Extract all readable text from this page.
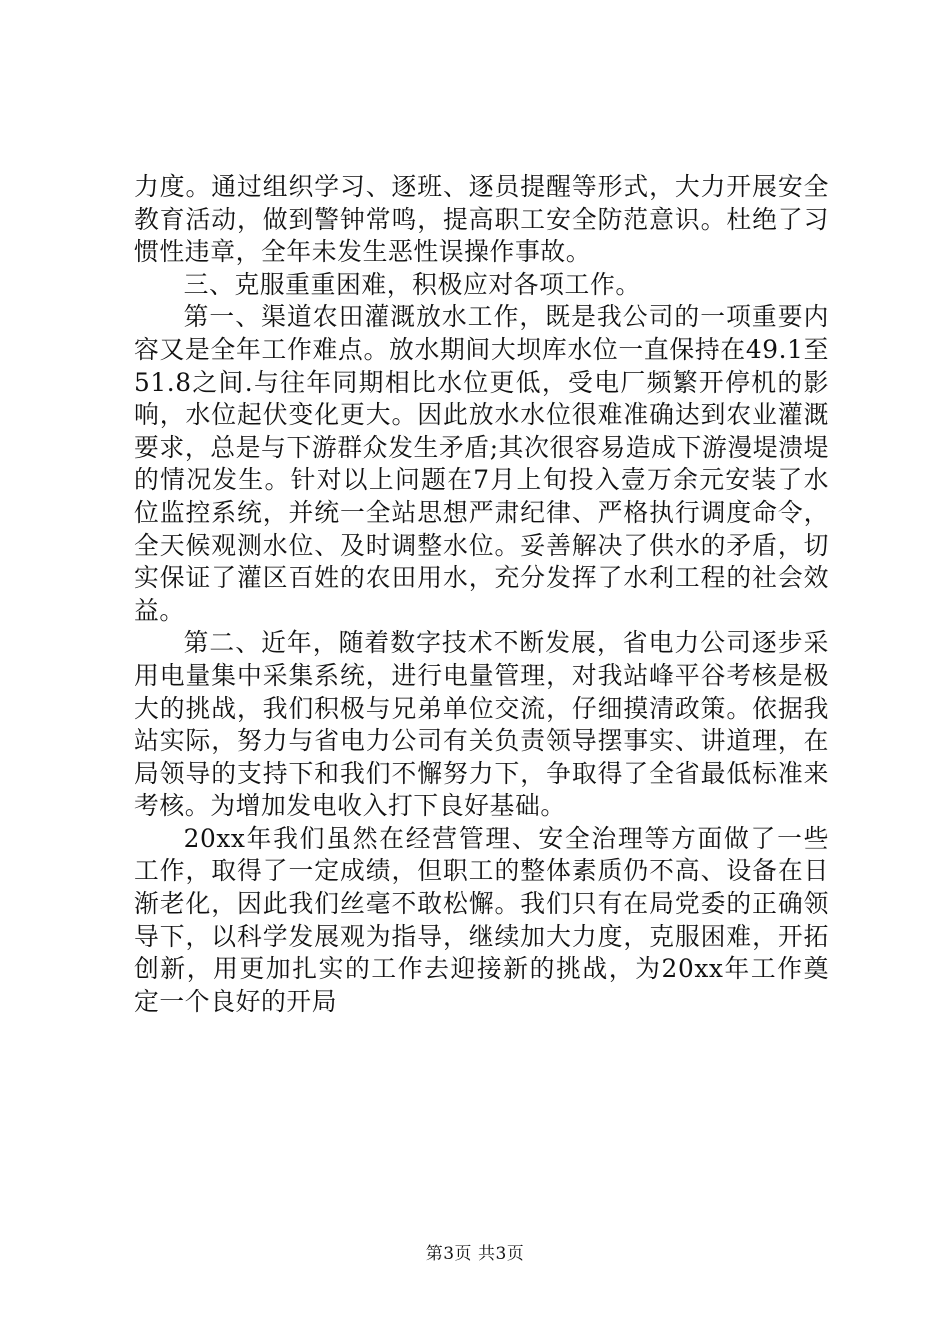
力度。通过组织学习、逐班、逐员提醒等形式，大力开展安全教育活动，做到警钟常鸣，提高职工安全防范意识。杜绝了习惯性违章，全年未发生恶性误操作事故。

三、克服重重困难，积极应对各项工作。

第一、渠道农田灌溉放水工作，既是我公司的一项重要内容又是全年工作难点。放水期间大坝库水位一直保持在49.1至51.8之间.与往年同期相比水位更低，受电厂频繁开停机的影响，水位起伏变化更大。因此放水水位很难准确达到农业灌溉要求，总是与下游群众发生矛盾;其次很容易造成下游漫堤溃堤的情况发生。针对以上问题在7月上旬投入壹万余元安装了水位监控系统，并统一全站思想严肃纪律、严格执行调度命令，全天候观测水位、及时调整水位。妥善解决了供水的矛盾，切实保证了灌区百姓的农田用水，充分发挥了水利工程的社会效益。

第二、近年，随着数字技术不断发展，省电力公司逐步采用电量集中采集系统，进行电量管理，对我站峰平谷考核是极大的挑战，我们积极与兄弟单位交流，仔细摸清政策。依据我站实际，努力与省电力公司有关负责领导摆事实、讲道理，在局领导的支持下和我们不懈努力下，争取得了全省最低标准来考核。为增加发电收入打下良好基础。

20xx年我们虽然在经营管理、安全治理等方面做了一些工作，取得了一定成绩，但职工的整体素质仍不高、设备在日渐老化，因此我们丝毫不敢松懈。我们只有在局党委的正确领导下，以科学发展观为指导，继续加大力度，克服困难，开拓创新，用更加扎实的工作去迎接新的挑战，为20xx年工作奠定一个良好的开局

第3页 共3页
